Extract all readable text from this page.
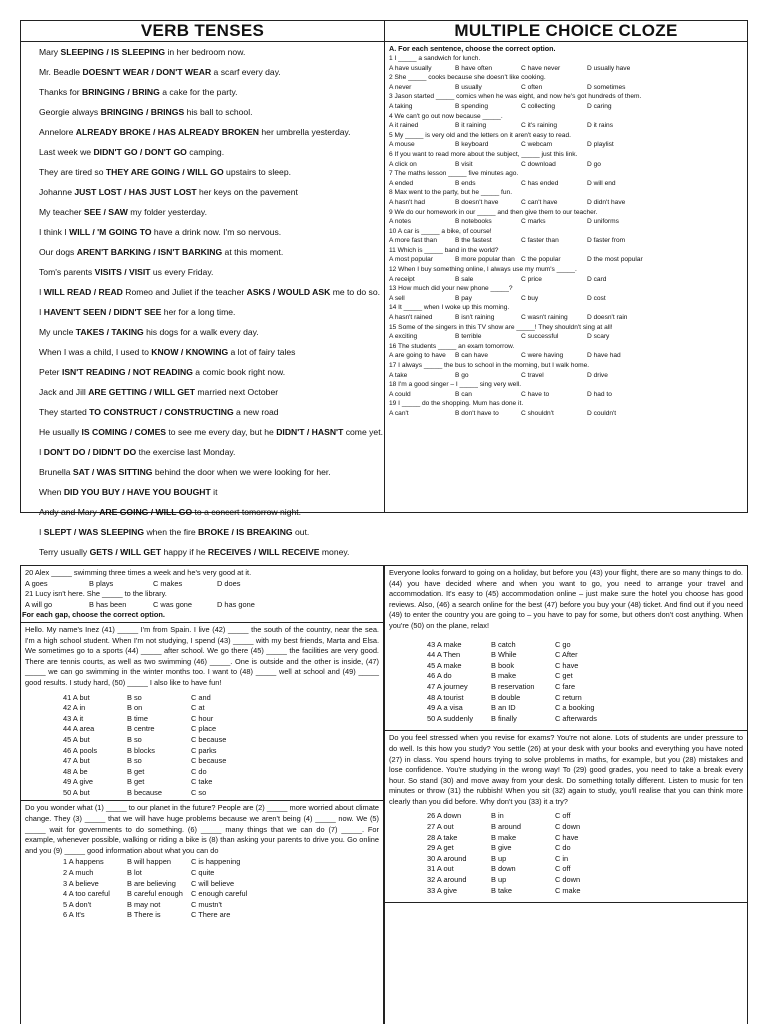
VERB TENSES
Mary SLEEPING / IS SLEEPING in her bedroom now.
Mr. Beadle DOESN'T WEAR / DON'T WEAR a scarf every day.
Thanks for BRINGING / BRING a cake for the party.
Georgie always BRINGING / BRINGS his ball to school.
Annelore ALREADY BROKE / HAS ALREADY BROKEN her umbrella yesterday.
Last week we DIDN'T GO / DON'T GO camping.
They are tired so THEY ARE GOING / WILL GO upstairs to sleep.
Johanne JUST LOST / HAS JUST LOST her keys on the pavement
My teacher SEE / SAW my folder yesterday.
I think I WILL / 'M GOING TO have a drink now. I'm so nervous.
Our dogs AREN'T BARKING / ISN'T BARKING at this moment.
Tom's parents VISITS / VISIT us every Friday.
I WILL READ / READ Romeo and Juliet if the teacher ASKS / WOULD ASK me to do so.
I HAVEN'T SEEN / DIDN'T SEE her for a long time.
My uncle TAKES / TAKING his dogs for a walk every day.
When I was a child, I used to KNOW / KNOWING a lot of fairy tales
Peter ISN'T READING / NOT READING a comic book right now.
Jack and Jill ARE GETTING / WILL GET married next October
They started TO CONSTRUCT / CONSTRUCTING a new road
He usually IS COMING / COMES to see me every day, but he DIDN'T / HASN'T come yet.
I DON'T DO / DIDN'T DO the exercise last Monday.
Brunella SAT / WAS SITTING behind the door when we were looking for her.
When DID YOU BUY / HAVE YOU BOUGHT it
Andy and Mary ARE GOING / WILL GO to a concert tomorrow night.
I SLEPT / WAS SLEEPING when the fire BROKE / IS BREAKING out.
Terry usually GETS / WILL GET happy if he RECEIVES / WILL RECEIVE money.
MULTIPLE CHOICE CLOZE
A. For each sentence, choose the correct option.
1 I _____ a sandwich for lunch.
A have usually	B have often	C have never	D usually have
2 She _____ cooks because she doesn't like cooking.
A never	B usually	C often	D sometimes
3 Jason started _____ comics when he was eight, and now he's got hundreds of them.
A taking	B spending	C collecting	D caring
4 We can't go out now because _____.
A it rained	B it raining	C it's raining	D it rains
5 My _____ is very old and the letters on it aren't easy to read.
A mouse	B keyboard	C webcam	D playlist
6 If you want to read more about the subject, _____ just this link.
A click on	B visit	C download	D go
7 The maths lesson _____ five minutes ago.
A ended	B ends	C has ended	D will end
8 Max went to the party, but he _____ fun.
A hasn't had	B doesn't have	C can't have	D didn't have
9 We do our homework in our _____ and then give them to our teacher.
A notes	B notebooks	C marks	D uniforms
10 A car is _____ a bike, of course!
A more fast than	B the fastest	C faster than	D faster from
11 Which is _____ band in the world?
A most popular	B more popular than C the popular	D the most popular
12 When I buy something online, I always use my mum's _____.
A receipt	B sale	C price	D card
13 How much did your new phone _____?
A sell	B pay	C buy	D cost
14 It _____ when I woke up this morning.
A hasn't rained	B isn't raining	C wasn't raining	D doesn't rain
15 Some of the singers in this TV show are _____! They shouldn't sing at all!
A exciting	B terrible	C successful	D scary
16 The students _____ an exam tomorrow.
A are going to have	B can have	C were having	D have had
17 I always _____ the bus to school in the morning, but I walk home.
A take	B go	C travel	D drive
18 I'm a good singer – I _____ sing very well.
A could	B can	C have to	D had to
19 I _____ do the shopping. Mum has done it.
A can't	B don't have to	C shouldn't	D couldn't
20 Alex _____ swimming three times a week and he's very good at it.
A goes	B plays	C makes	D does
21 Lucy isn't here. She _____ to the library.
A will go	B has been	C was gone	D has gone
For each gap, choose the correct option.
Hello. My name's Inez (41) _____ I'm from Spain. I live (42) _____ the south of the country, near the sea. I'm a high school student. When I'm not studying, I spend (43) _____ with my best friends, Marta and Elsa. We sometimes go to a sports (44) _____ after school. We go there (45) _____ the facilities are very good. There are tennis courts, as well as two swimming (46) _____. One is outside and the other is inside, (47) _____ we can go swimming in the winter months too. I want to (48) _____ well at school and (49) _____ good results. I study hard, (50) _____ I also like to have fun!
41 A but	B so	C and
42 A in	B on	C at
43 A it	B time	C hour
44 A area	B centre	C place
45 A but	B so	C because
46 A pools	B blocks	C parks
47 A but	B so	C because
48 A be	B get	C do
49 A give	B get	C take
50 A but	B because	C so
Do you wonder what (1) _____ to our planet in the future? People are (2) _____ more worried about climate change. They (3) _____ that we will have huge problems because we aren't being (4) _____ now. We (5) _____ wait for governments to do something. (6) _____ many things that we can do (7) _____. For example, whenever possible, walking or riding a bike is (8) than asking your parents to drive you. Go online and you (9) _____ good information about what you can do
1 A happens	B will happen	C is happening
2 A much	B lot	C quite
3 A believe	B are believing	C will believe
4 A too careful	B careful enough	C enough careful
5 A don't	B may not	C mustn't
6 A It's	B There is	C There are
Everyone looks forward to going on a holiday, but before you (43) your flight, there are so many things to do. (44) you have decided where and when you want to go, you need to arrange your travel and accommodation. It's easy to (45) accommodation online – just make sure the hotel you choose has good reviews. Also, (46) a search online for the best (47) before you buy your (48) ticket. And find out if you need (49) to enter the country you are going to – you have to pay for some, but others don't cost anything. When you're (50) on the plane, relax!
43 A make	B catch	C go
44 A Then	B While	C After
45 A make	B book	C have
46 A do	B make	C get
47 A journey	B reservation	C fare
48 A tourist	B double	C return
49 A a visa	B an ID	C a booking
50 A suddenly	B finally	C afterwards
Do you feel stressed when you revise for exams? You're not alone. Lots of students are under pressure to do well. Is this how you study? You settle (26) at your desk with your books and everything you have noted (27) in class. You spend hours trying to solve problems in maths, for example, but you (28) mistakes and lose confidence. You're studying in the wrong way! To (29) good grades, you need to take a break every hour. So stand (30) and move away from your desk. Do something totally different. Listen to music for ten minutes or throw (31) the rubbish! When you sit (32) again to study, you'll realise that you can think more clearly than you did before. Why don't you (33) it a try?
26 A down	B in	C off
27 A out	B around	C down
28 A take	B make	C have
29 A get	B give	C do
30 A around	B up	C in
31 A out	B down	C off
32 A around	B up	C down
33 A give	B take	C make
